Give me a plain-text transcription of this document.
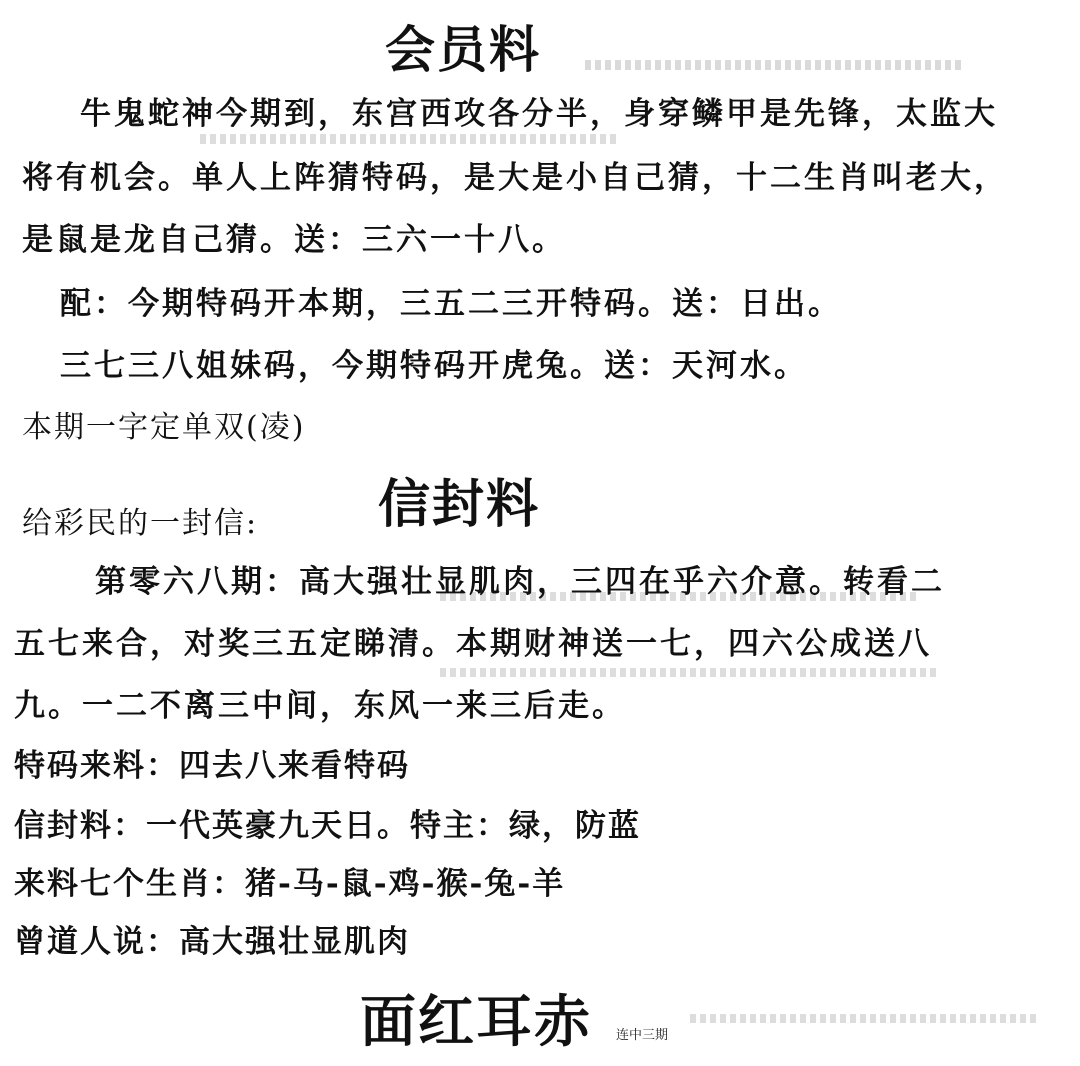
会员料
牛鬼蛇神今期到，东宫西攻各分半，身穿鳞甲是先锋，太监大
将有机会。单人上阵猜特码，是大是小自己猜，十二生肖叫老大，
是鼠是龙自己猜。送：三六一十八。
配：今期特码开本期，三五二三开特码。送：日出。
三七三八姐妹码，今期特码开虎兔。送：天河水。
本期一字定单双(凌)
给彩民的一封信: 信封料
第零六八期：高大强壮显肌肉，三四在乎六介意。转看二
五七来合，对奖三五定睇清。本期财神送一七，四六公成送八
九。一二不离三中间，东风一来三后走。
特码来料：四去八来看特码
信封料：一代英豪九天日。特主：绿，防蓝
来料七个生肖：猪-马-鼠-鸡-猴-兔-羊
曾道人说：高大强壮显肌肉
面红耳赤 连中三期
